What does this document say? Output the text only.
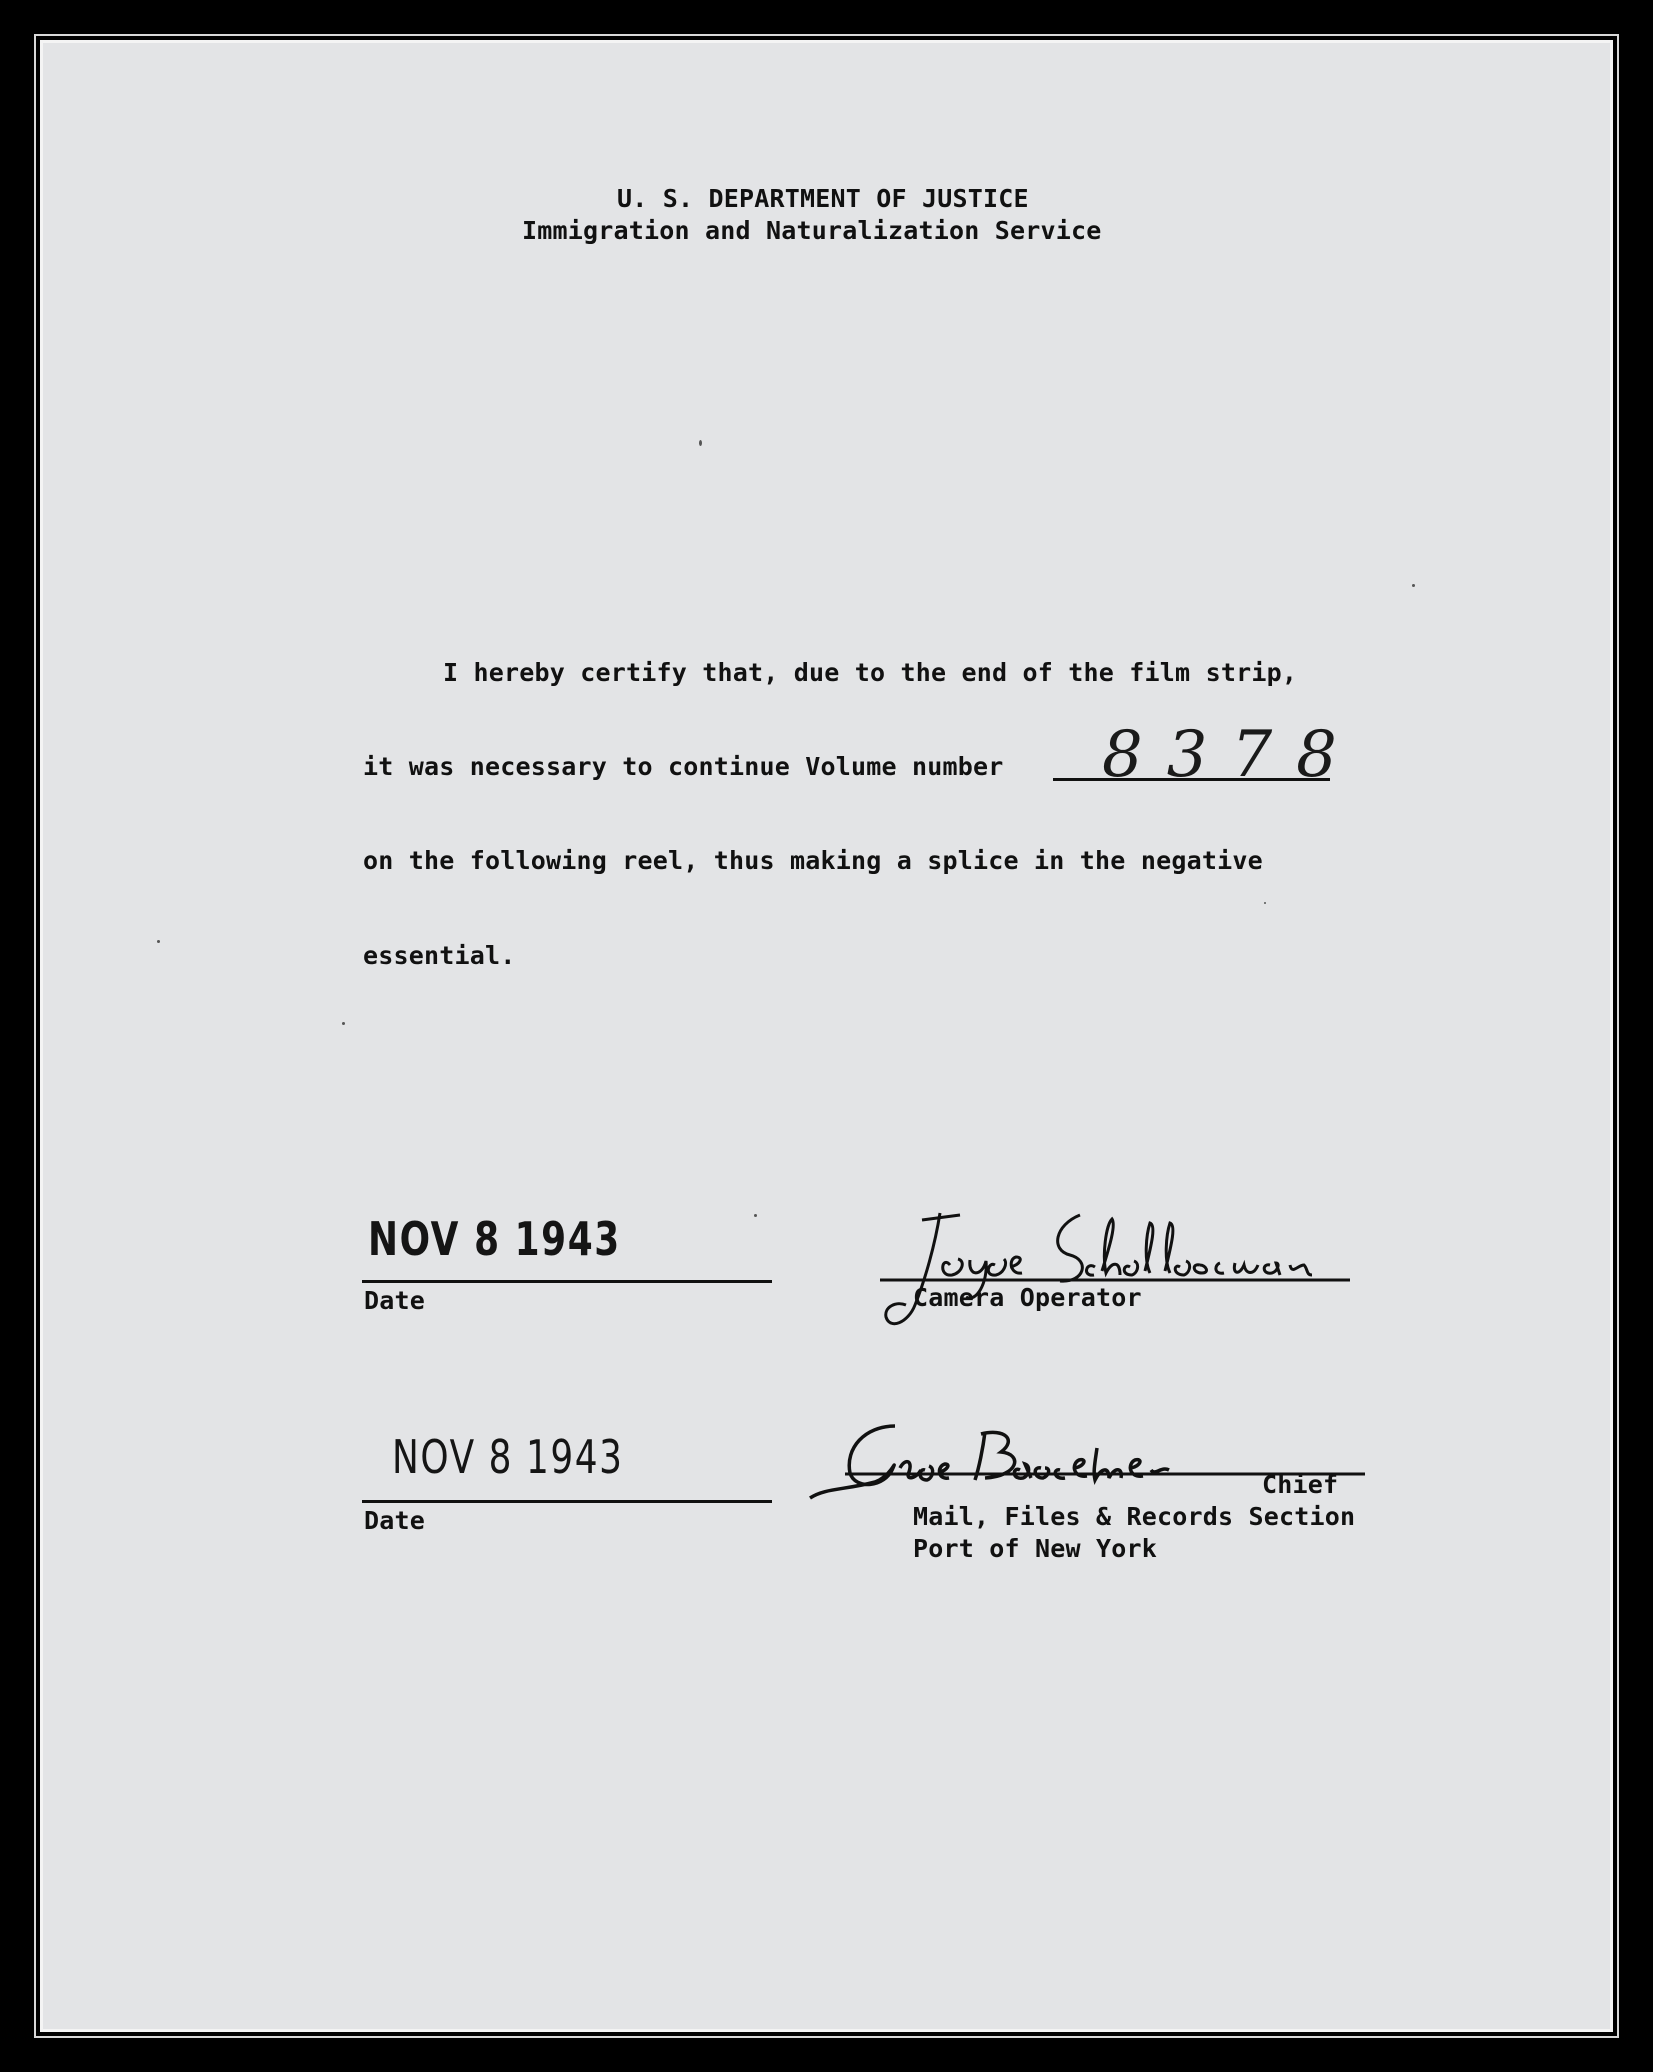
U. S. DEPARTMENT OF JUSTICE
Immigration and Naturalization Service
I hereby certify that, due to the end of the film strip,
it was necessary to continue Volume number 8378
on the following reel, thus making a splice in the negative
essential.
NOV 8 1943
Date	Camera Operator
NOV 8 1943
Date
Chief
Mail, Files & Records Section
Port of New York
